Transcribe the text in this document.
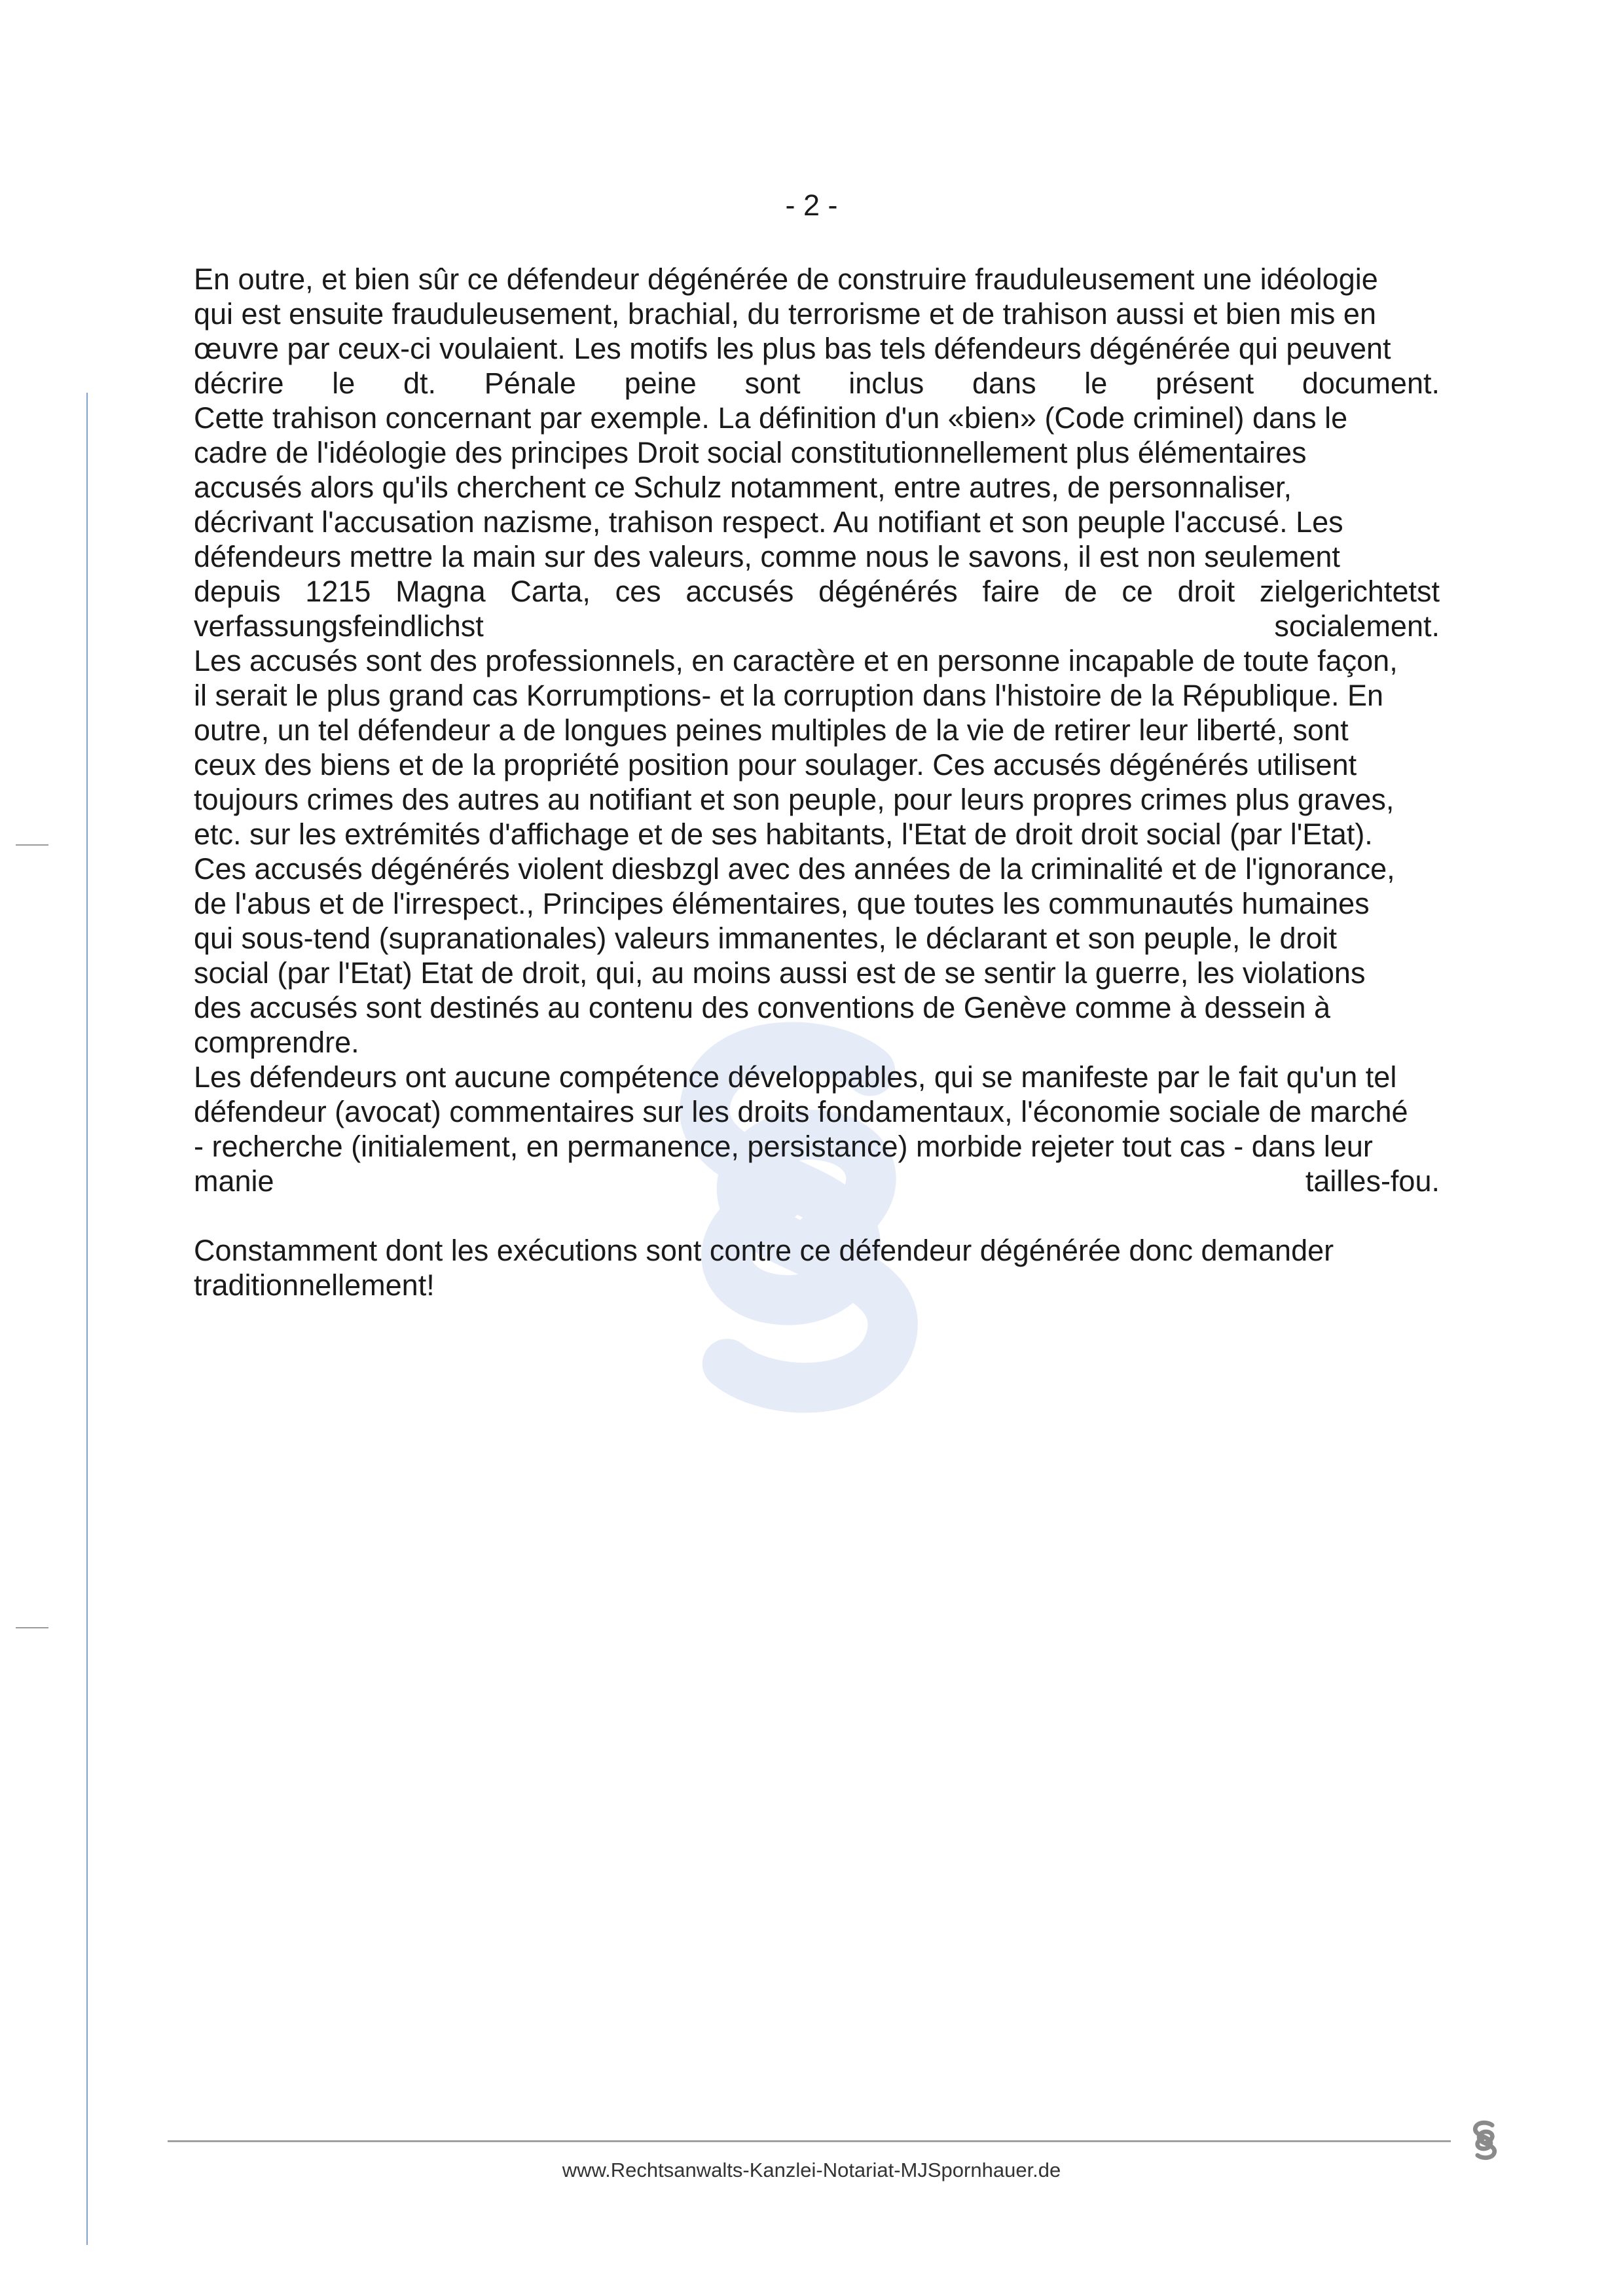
- 2 -
En outre, et bien sûr ce défendeur dégénérée de construire frauduleusement une idéologie
qui est ensuite frauduleusement, brachial, du terrorisme et de trahison aussi et bien mis en
œuvre par ceux-ci voulaient. Les motifs les plus bas tels défendeurs dégénérée qui peuvent
décrire le dt. Pénale peine sont inclus dans le présent document.
Cette trahison concernant par exemple. La définition d'un «bien» (Code criminel) dans le
cadre de l'idéologie des principes Droit social constitutionnellement plus élémentaires
accusés alors qu'ils cherchent ce Schulz notamment, entre autres, de personnaliser,
décrivant l'accusation nazisme, trahison respect. Au notifiant et son peuple l'accusé. Les
défendeurs mettre la main sur des valeurs, comme nous le savons, il est non seulement
depuis 1215 Magna Carta, ces accusés dégénérés faire de ce droit zielgerichtetst
verfassungsfeindlichst socialement.
Les accusés sont des professionnels, en caractère et en personne incapable de toute façon,
il serait le plus grand cas Korrumptions- et la corruption dans l'histoire de la République. En
outre, un tel défendeur a de longues peines multiples de la vie de retirer leur liberté, sont
ceux des biens et de la propriété position pour soulager. Ces accusés dégénérés utilisent
toujours crimes des autres au notifiant et son peuple, pour leurs propres crimes plus graves,
etc. sur les extrémités d'affichage et de ses habitants, l'Etat de droit droit social (par l'Etat).
Ces accusés dégénérés violent diesbzgl avec des années de la criminalité et de l'ignorance,
de l'abus et de l'irrespect., Principes élémentaires, que toutes les communautés humaines
qui sous-tend (supranationales) valeurs immanentes, le déclarant et son peuple, le droit
social (par l'Etat) Etat de droit, qui, au moins aussi est de se sentir la guerre, les violations
des accusés sont destinés au contenu des conventions de Genève comme à dessein à
comprendre.
Les défendeurs ont aucune compétence développables, qui se manifeste par le fait qu'un tel
défendeur (avocat) commentaires sur les droits fondamentaux, l'économie sociale de marché
- recherche (initialement, en permanence, persistance) morbide rejeter tout cas - dans leur
manie tailles-fou.
Constamment dont les exécutions sont contre ce défendeur dégénérée donc demander
traditionnellement!
www.Rechtsanwalts-Kanzlei-Notariat-MJSpornhauer.de
